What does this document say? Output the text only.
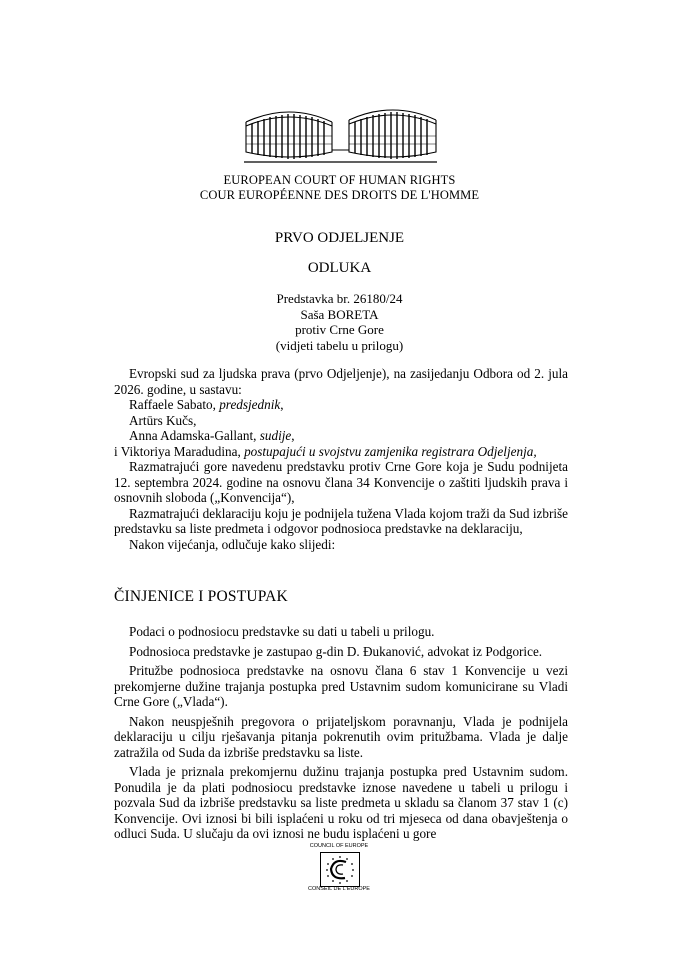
EUROPEAN COURT OF HUMAN RIGHTS
COUR EUROPÉENNE DES DROITS DE L'HOMME
PRVO ODJELJENJE
ODLUKA
Predstavka br. 26180/24
Saša BORETA
protiv Crne Gore
(vidjeti tabelu u prilogu)

Evropski sud za ljudska prava (prvo Odjeljenje), na zasijedanju Odbora od 2. jula 2026. godine, u sastavu:

Raffaele Sabato, predsjednik,

Artūrs Kučs,

Anna Adamska-Gallant, sudije,

i Viktoriya Maradudina, postupajući u svojstvu zamjenika registrara Odjeljenja,

Razmatrajući gore navedenu predstavku protiv Crne Gore koja je Sudu podnijeta 12. septembra 2024. godine na osnovu člana 34 Konvencije o zaštiti ljudskih prava i osnovnih sloboda („Konvencija“),

Razmatrajući deklaraciju koju je podnijela tužena Vlada kojom traži da Sud izbriše predstavku sa liste predmeta i odgovor podnosioca predstavke na deklaraciju,

Nakon vijećanja, odlučuje kako slijedi:

ČINJENICE I POSTUPAK

Podaci o podnosiocu predstavke su dati u tabeli u prilogu.

Podnosioca predstavke je zastupao g-din D. Đukanović, advokat iz Podgorice.

Pritužbe podnosioca predstavke na osnovu člana 6 stav 1 Konvencije u vezi prekomjerne dužine trajanja postupka pred Ustavnim sudom komunicirane su Vladi Crne Gore („Vlada“).

Nakon neuspješnih pregovora o prijateljskom poravnanju, Vlada je podnijela deklaraciju u cilju rješavanja pitanja pokrenutih ovim pritužbama. Vlada je dalje zatražila od Suda da izbriše predstavku sa liste.

Vlada je priznala prekomjernu dužinu trajanja postupka pred Ustavnim sudom. Ponudila je da plati podnosiocu predstavke iznose navedene u tabeli u prilogu i pozvala Sud da izbriše predstavku sa liste predmeta u skladu sa članom 37 stav 1 (c) Konvencije. Ovi iznosi bi bili isplaćeni u roku od tri mjeseca od dana obavještenja o odluci Suda. U slučaju da ovi iznosi ne budu isplaćeni u gore

COUNCIL OF EUROPE
CONSEIL DE L'EUROPE
